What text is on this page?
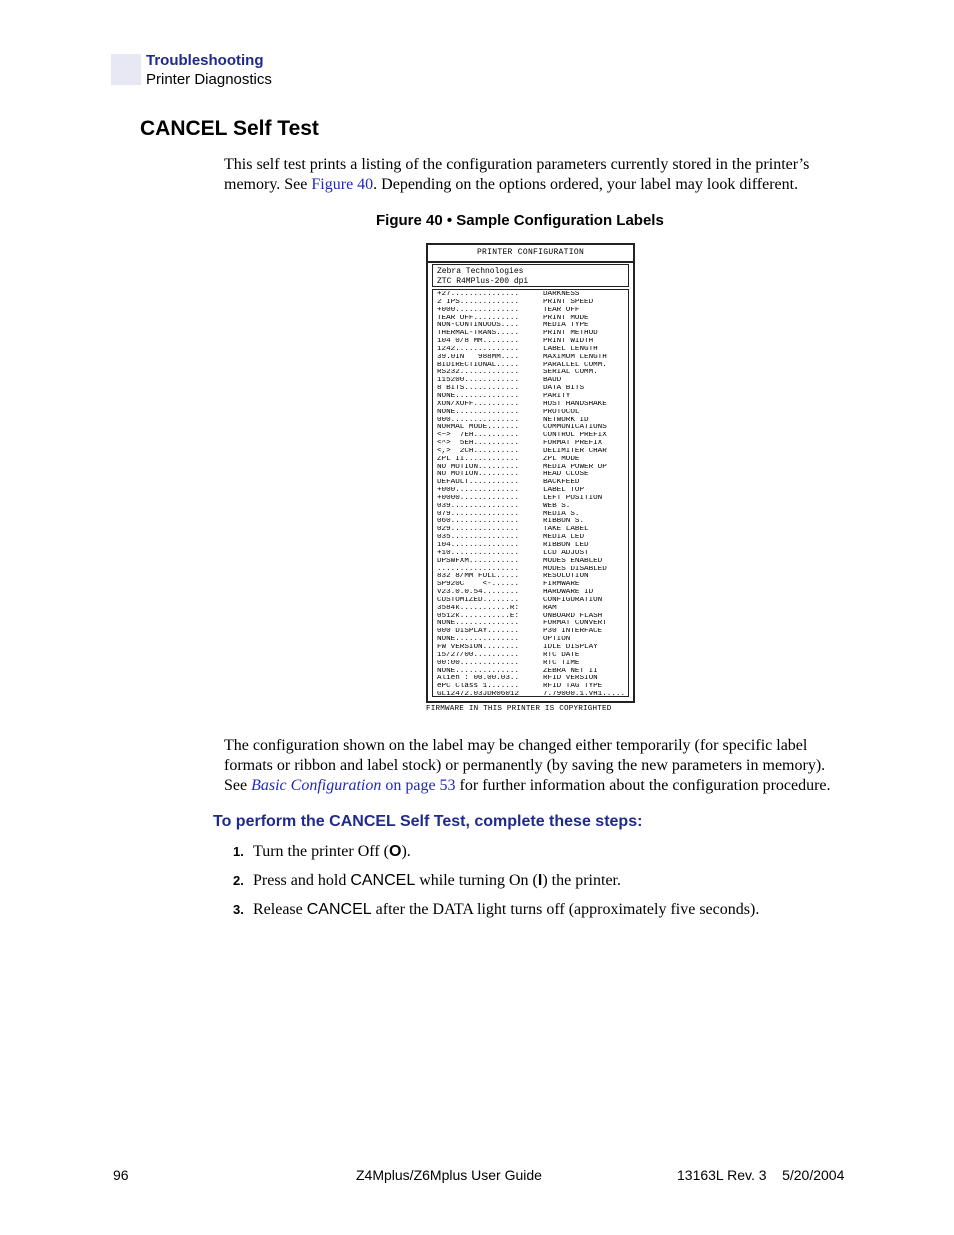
Troubleshooting
Printer Diagnostics
CANCEL Self Test
This self test prints a listing of the configuration parameters currently stored in the printer’s memory. See Figure 40. Depending on the options ordered, your label may look different.
Figure 40 • Sample Configuration Labels
PRINTER CONFIGURATION
Zebra Technologies
ZTC R4MPlus-200 dpi
+27...............	DARKNESS
2 IPS.............	PRINT SPEED
+000..............	TEAR OFF
TEAR OFF..........	PRINT MODE
NON-CONTINUOUS....	MEDIA TYPE
THERMAL-TRANS.....	PRINT METHOD
104 0/8 MM........	PRINT WIDTH
1242..............	LABEL LENGTH
39.0IN   988MM....	MAXIMUM LENGTH
BIDIRECTIONAL.....	PARALLEL COMM.
RS232.............	SERIAL COMM.
115200............	BAUD
8 BITS............	DATA BITS
NONE..............	PARITY
XON/XOFF..........	HOST HANDSHAKE
NONE..............	PROTOCOL
000...............	NETWORK ID
NORMAL MODE.......	COMMUNICATIONS
<~>  7EH..........	CONTROL PREFIX
<^>  5EH..........	FORMAT PREFIX
<,>  2CH..........	DELIMITER CHAR
ZPL II............	ZPL MODE
NO MOTION.........	MEDIA POWER UP
NO MOTION.........	HEAD CLOSE
DEFAULT...........	BACKFEED
+000..............	LABEL TOP
+0000.............	LEFT POSITION
039...............	WEB S.
079...............	MEDIA S.
060...............	RIBBON S.
029...............	TAKE LABEL
035...............	MEDIA LED
104...............	RIBBON LED
+10...............	LCD ADJUST
DPSWFXM...........	MODES ENABLED
..................	MODES DISABLED
832 8/MM FULL.....	RESOLUTION
SP920C    <-......	FIRMWARE
V23.0.0.54........	HARDWARE ID
CUSTOMIZED........	CONFIGURATION
3584k...........R:	RAM
0512k...........E:	ONBOARD FLASH
NONE..............	FORMAT CONVERT
000 DISPLAY.......	P30 INTERFACE
NONE..............	OPTION
FW VERSION........	IDLE DISPLAY
15/27/00..........	RTC DATE
00:00.............	RTC TIME
NONE..............	ZEBRA NET II
Alien : 00.00.03..	RFID VERSION
ePC Class 1.......	RFID TAG TYPE
GL12472.03JDR06012	7.79000.1.VH1.....
FIRMWARE IN THIS PRINTER IS COPYRIGHTED
The configuration shown on the label may be changed either temporarily (for specific label formats or ribbon and label stock) or permanently (by saving the new parameters in memory). See Basic Configuration on page 53 for further information about the configuration procedure.
To perform the CANCEL Self Test, complete these steps:
1. Turn the printer Off (O).
2. Press and hold CANCEL while turning On (I) the printer.
3. Release CANCEL after the DATA light turns off (approximately five seconds).
96	Z4Mplus/Z6Mplus User Guide	13163L Rev. 3    5/20/2004
